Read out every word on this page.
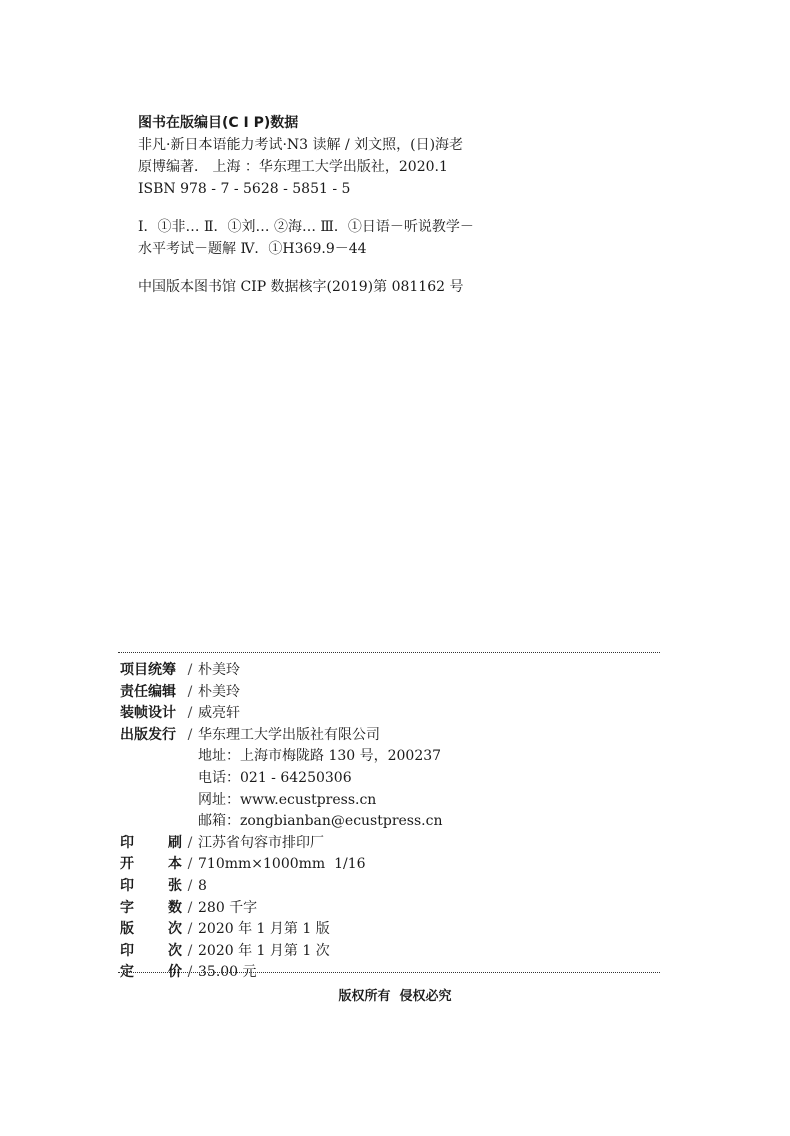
图书在版编目(C I P)数据
非凡·新日本语能力考试·N3 读解 / 刘文照，(日)海老
原博编著． 上海 ：华东理工大学出版社，2020.1
ISBN 978 - 7 - 5628 - 5851 - 5
Ⅰ．①非… Ⅱ．①刘… ②海… Ⅲ．①日语－听说教学－
水平考试－题解 Ⅳ．①H369.9－44
中国版本图书馆 CIP 数据核字(2019)第 081162 号
项目统筹 / 朴美玲
责任编辑 / 朴美玲
装帧设计 / 威亮轩
出版发行 / 华东理工大学出版社有限公司
地址：上海市梅陇路 130 号，200237
电话：021 - 64250306
网址：www.ecustpress.cn
邮箱：zongbianban@ecustpress.cn
印 刷 / 江苏省句容市排印厂
开 本 / 710mm×1000mm  1/16
印 张 / 8
字 数 / 280 千字
版 次 / 2020 年 1 月第 1 版
印 次 / 2020 年 1 月第 1 次
定 价 / 35.00 元
版权所有  侵权必究
